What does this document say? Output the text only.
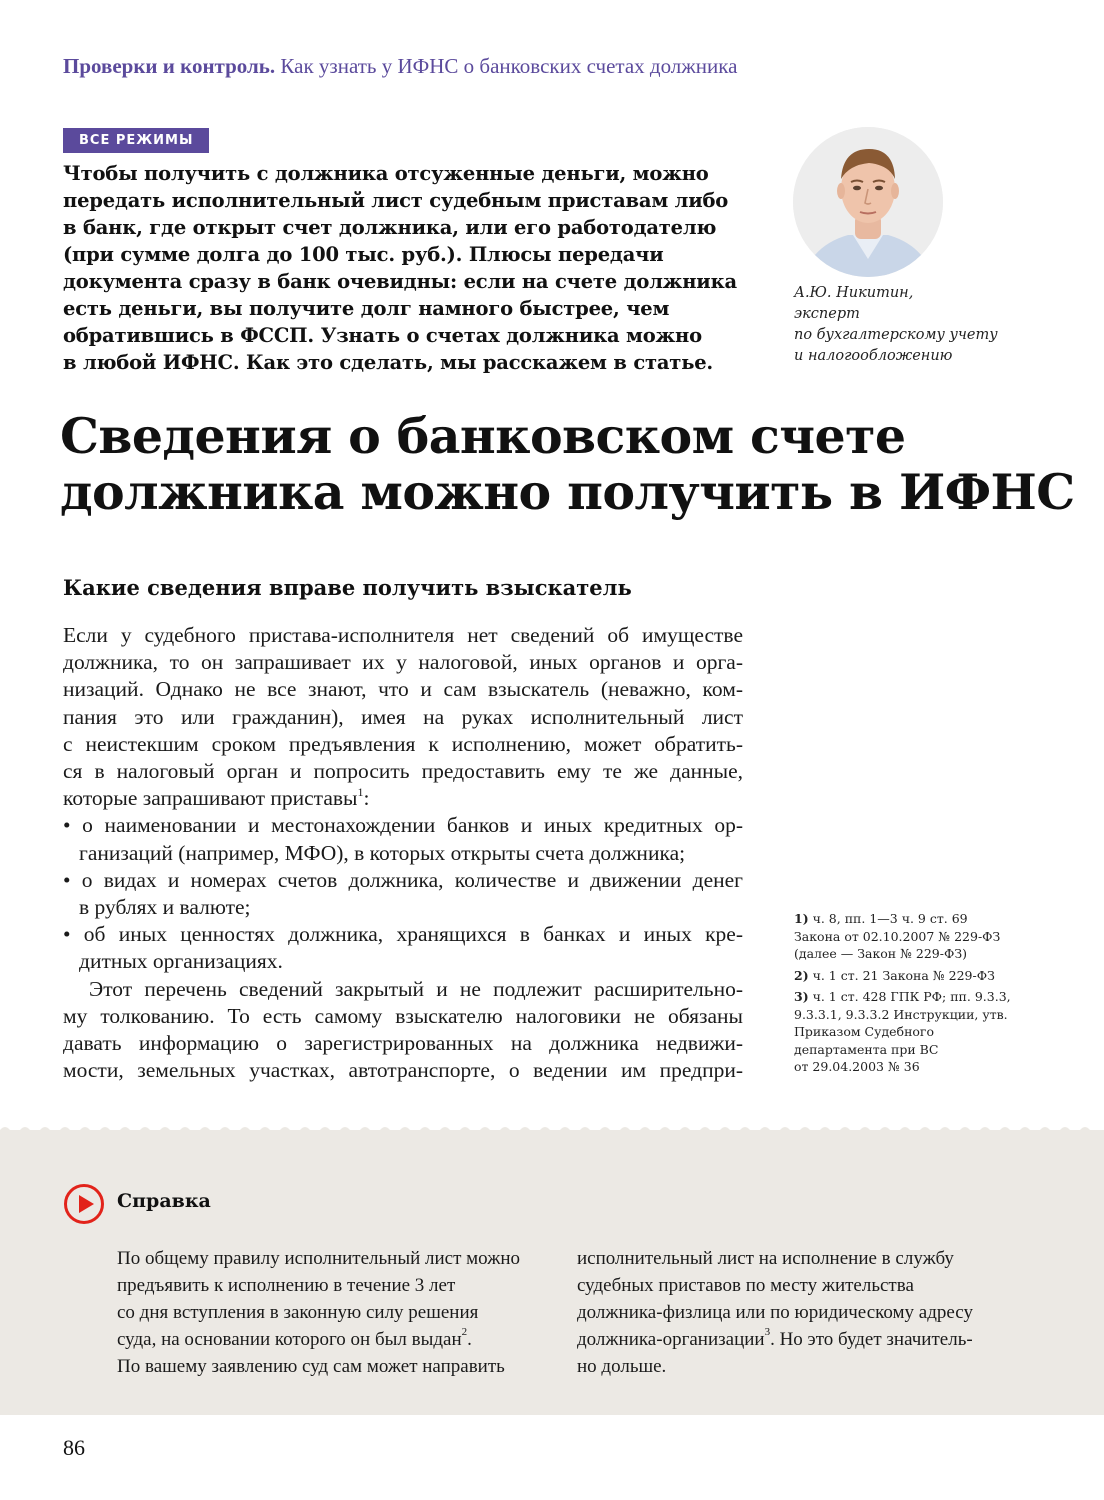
Проверки и контроль. Как узнать у ИФНС о банковских счетах должника
ВСЕ РЕЖИМЫ
Чтобы получить с должника отсуженные деньги, можно
передать исполнительный лист судебным приставам либо
в банк, где открыт счет должника, или его работодателю
(при сумме долга до 100 тыс. руб.). Плюсы передачи
документа сразу в банк очевидны: если на счете должника
есть деньги, вы получите долг намного быстрее, чем
обратившись в ФССП. Узнать о счетах должника можно
в любой ИФНС. Как это сделать, мы расскажем в статье.
А.Ю. Никитин,
эксперт
по бухгалтерскому учету
и налогообложению
Сведения о банковском счете
должника можно получить в ИФНС
Какие сведения вправе получить взыскатель
Если у судебного пристава-исполнителя нет сведений об имуществе
должника, то он запрашивает их у налоговой, иных органов и орга-
низаций. Однако не все знают, что и сам взыскатель (неважно, ком-
пания это или гражданин), имея на руках исполнительный лист
с неистекшим сроком предъявления к исполнению, может обратить-
ся в налоговый орган и попросить предоставить ему те же данные,
которые запрашивают приставы$^1$:
• о наименовании и местонахождении банков и иных кредитных ор-
ганизаций (например, МФО), в которых открыты счета должника;
• о видах и номерах счетов должника, количестве и движении денег
в рублях и валюте;
• об иных ценностях должника, хранящихся в банках и иных кре-
дитных организациях.
Этот перечень сведений закрытый и не подлежит расширительно-
му толкованию. То есть самому взыскателю налоговики не обязаны
давать информацию о зарегистрированных на должника недвижи-
мости, земельных участках, автотранспорте, о ведении им предпри-
1) ч. 8, пп. 1—3 ч. 9 ст. 69
Закона от 02.10.2007 № 229-ФЗ
(далее — Закон № 229-ФЗ)
2) ч. 1 ст. 21 Закона № 229-ФЗ
3) ч. 1 ст. 428 ГПК РФ; пп. 9.3.3,
9.3.3.1, 9.3.3.2 Инструкции, утв.
Приказом Судебного
департамента при ВС
от 29.04.2003 № 36
Справка
По общему правилу исполнительный лист можно
предъявить к исполнению в течение 3 лет
со дня вступления в законную силу решения
суда, на основании которого он был выдан$^2$.
По вашему заявлению суд сам может направить
исполнительный лист на исполнение в службу
судебных приставов по месту жительства
должника-физлица или по юридическому адресу
должника-организации$^3$. Но это будет значитель-
но дольше.
86
